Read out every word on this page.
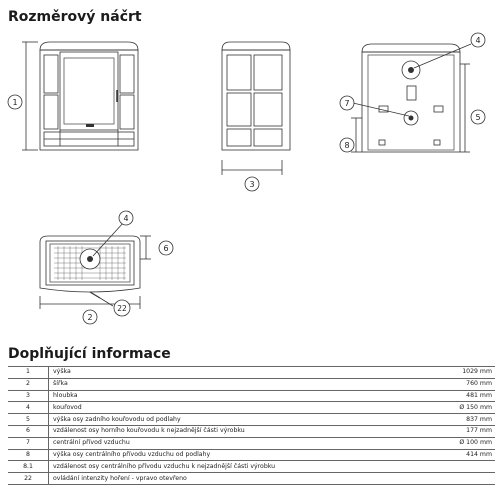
Rozměrový náčrt
Doplňující informace
1
3
4
5
7
8
4
6
2
22
1	výška	1029 mm
2	šířka	760 mm
3	hloubka	481 mm
4	kouřovod	Ø 150 mm
5	výška osy zadního kouřovodu od podlahy	837 mm
6	vzdálenost osy horního kouřovodu k nejzadnější části výrobku	177 mm
7	centrální přívod vzduchu	Ø 100 mm
8	výška osy centrálního přívodu vzduchu od podlahy	414 mm
8.1	vzdálenost osy centrálního přívodu vzduchu k nejzadnější části výrobku	
22	ovládání intenzity hoření - vpravo otevřeno	
